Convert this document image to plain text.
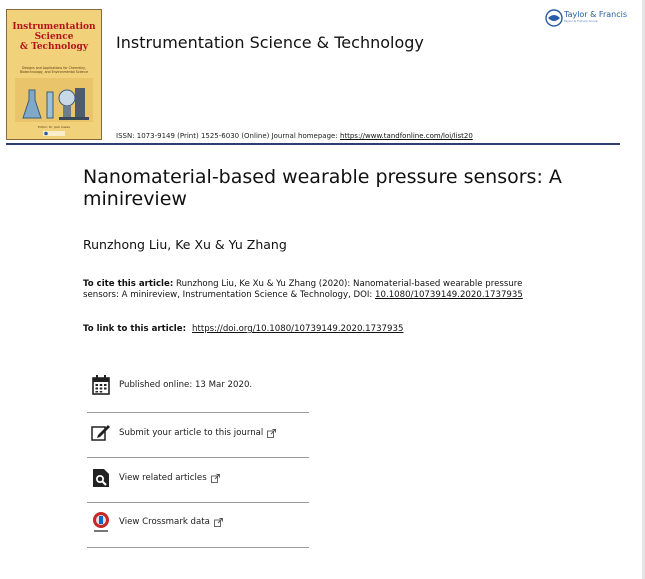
Instrumentation
Science
& Technology
Designs and Applications for Chemistry, Biotechnology, and Environmental Science
Editor: Dr. Jack Cazes
Instrumentation Science & Technology
Taylor & Francis
Taylor & Francis Group
ISSN: 1073-9149 (Print) 1525-6030 (Online) Journal homepage: https://www.tandfonline.com/loi/list20
Nanomaterial-based wearable pressure sensors: A minireview
Runzhong Liu, Ke Xu & Yu Zhang
To cite this article: Runzhong Liu, Ke Xu & Yu Zhang (2020): Nanomaterial-based wearable pressure sensors: A minireview, Instrumentation Science & Technology, DOI: 10.1080/10739149.2020.1737935
To link to this article: https://doi.org/10.1080/10739149.2020.1737935
Published online: 13 Mar 2020.
Submit your article to this journal
View related articles
View Crossmark data
